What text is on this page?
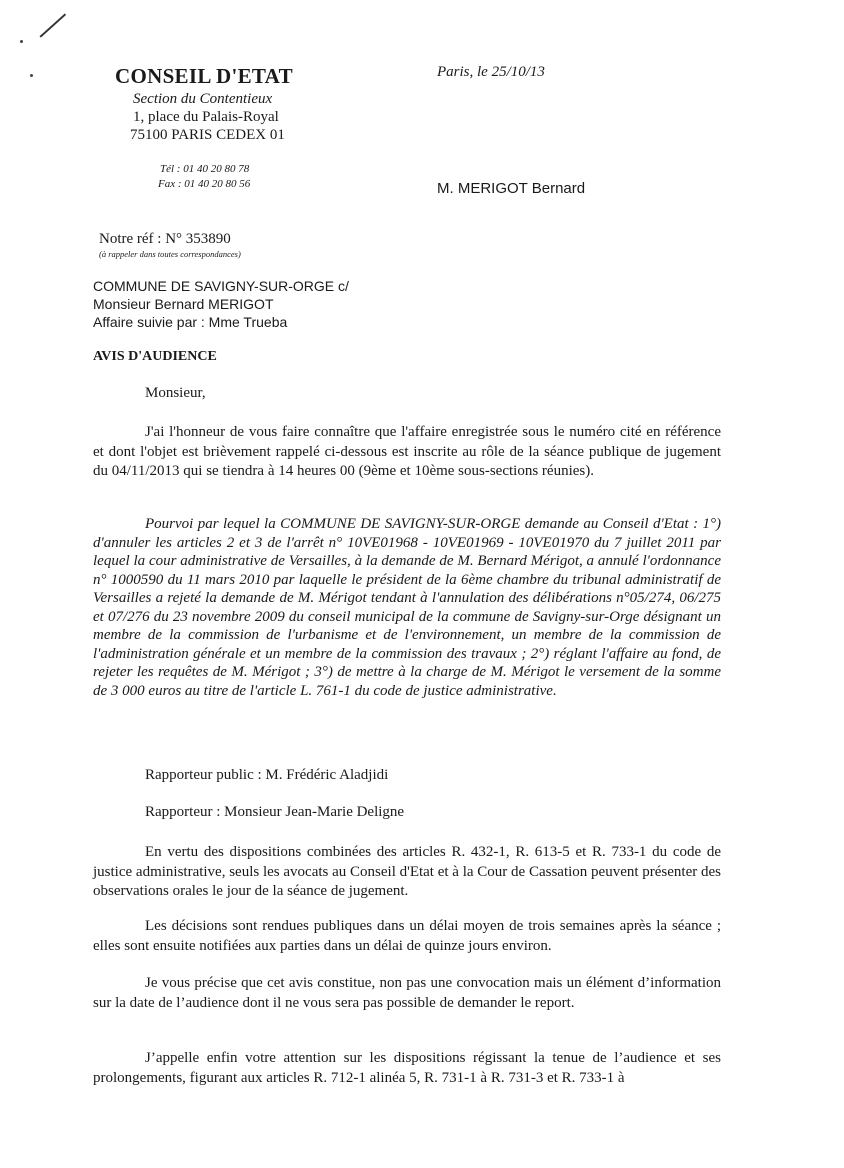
CONSEIL D'ETAT
Section du Contentieux
1, place du Palais-Royal
75100 PARIS CEDEX 01
Tél : 01 40 20 80 78
Fax : 01 40 20 80 56
Paris, le 25/10/13
M. MERIGOT Bernard
Notre réf : N° 353890
(à rappeler dans toutes correspondances)
COMMUNE DE SAVIGNY-SUR-ORGE c/
Monsieur Bernard MERIGOT
Affaire suivie par : Mme Trueba
AVIS D'AUDIENCE
Monsieur,

J'ai l'honneur de vous faire connaître que l'affaire enregistrée sous le numéro cité en référence et dont l'objet est brièvement rappelé ci-dessous est inscrite au rôle de la séance publique de jugement du 04/11/2013 qui se tiendra à 14 heures 00 (9ème et 10ème sous-sections réunies).

Pourvoi par lequel la COMMUNE DE SAVIGNY-SUR-ORGE demande au Conseil d'Etat : 1°) d'annuler les articles 2 et 3 de l'arrêt n° 10VE01968 - 10VE01969 - 10VE01970 du 7 juillet 2011 par lequel la cour administrative de Versailles, à la demande de M. Bernard Mérigot, a annulé l'ordonnance n° 1000590 du 11 mars 2010 par laquelle le président de la 6ème chambre du tribunal administratif de Versailles a rejeté la demande de M. Mérigot tendant à l'annulation des délibérations n°05/274, 06/275 et 07/276 du 23 novembre 2009 du conseil municipal de la commune de Savigny-sur-Orge désignant un membre de la commission de l'urbanisme et de l'environnement, un membre de la commission de l'administration générale et un membre de la commission des travaux ; 2°) réglant l'affaire au fond, de rejeter les requêtes de M. Mérigot ; 3°) de mettre à la charge de M. Mérigot le versement de la somme de 3 000 euros au titre de l'article L. 761-1 du code de justice administrative.

Rapporteur public : M. Frédéric Aladjidi
Rapporteur : Monsieur Jean-Marie Deligne

En vertu des dispositions combinées des articles R. 432-1, R. 613-5 et R. 733-1 du code de justice administrative, seuls les avocats au Conseil d'Etat et à la Cour de Cassation peuvent présenter des observations orales le jour de la séance de jugement.

Les décisions sont rendues publiques dans un délai moyen de trois semaines après la séance ; elles sont ensuite notifiées aux parties dans un délai de quinze jours environ.

Je vous précise que cet avis constitue, non pas une convocation mais un élément d’information sur la date de l’audience dont il ne vous sera pas possible de demander le report.

J’appelle enfin votre attention sur les dispositions régissant la tenue de l’audience et ses prolongements, figurant aux articles R. 712-1 alinéa 5, R. 731-1 à R. 731-3 et R. 733-1 à
